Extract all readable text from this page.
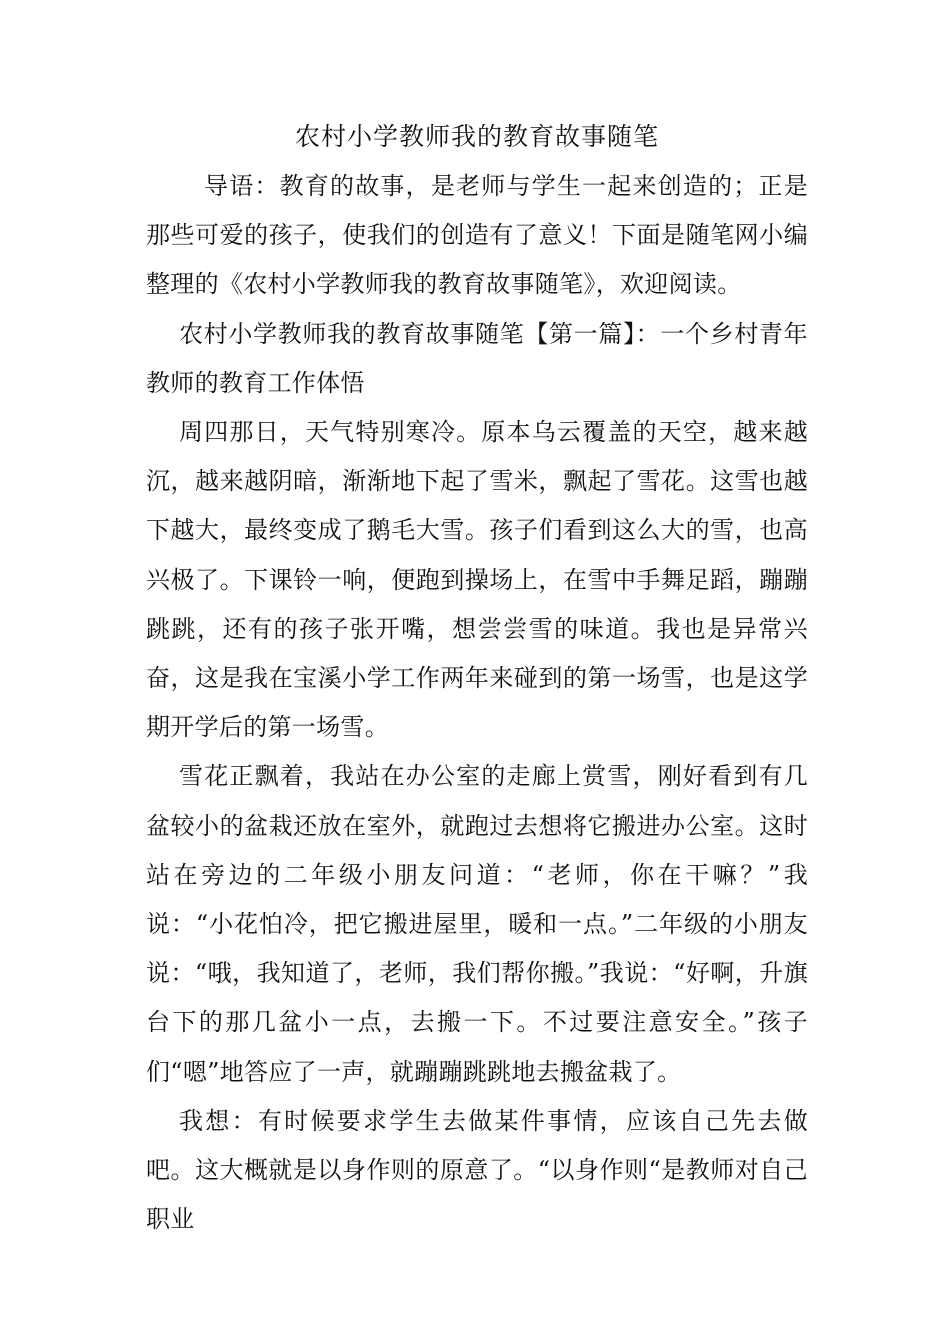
农村小学教师我的教育故事随笔

导语：教育的故事，是老师与学生一起来创造的；正是那些可爱的孩子，使我们的创造有了意义！下面是随笔网小编整理的《农村小学教师我的教育故事随笔》，欢迎阅读。

农村小学教师我的教育故事随笔【第一篇】：一个乡村青年教师的教育工作体悟

周四那日，天气特别寒冷。原本乌云覆盖的天空，越来越沉，越来越阴暗，渐渐地下起了雪米，飘起了雪花。这雪也越下越大，最终变成了鹅毛大雪。孩子们看到这么大的雪，也高兴极了。下课铃一响，便跑到操场上，在雪中手舞足蹈，蹦蹦跳跳，还有的孩子张开嘴，想尝尝雪的味道。我也是异常兴奋，这是我在宝溪小学工作两年来碰到的第一场雪，也是这学期开学后的第一场雪。

雪花正飘着，我站在办公室的走廊上赏雪，刚好看到有几盆较小的盆栽还放在室外，就跑过去想将它搬进办公室。这时站在旁边的二年级小朋友问道：“老师，你在干嘛？”我说：“小花怕冷，把它搬进屋里，暖和一点。”二年级的小朋友说：“哦，我知道了，老师，我们帮你搬。”我说：“好啊，升旗台下的那几盆小一点，去搬一下。不过要注意安全。”孩子们“嗯”地答应了一声，就蹦蹦跳跳地去搬盆栽了。

我想：有时候要求学生去做某件事情，应该自己先去做吧。这大概就是以身作则的原意了。“以身作则“是教师对自己职业
